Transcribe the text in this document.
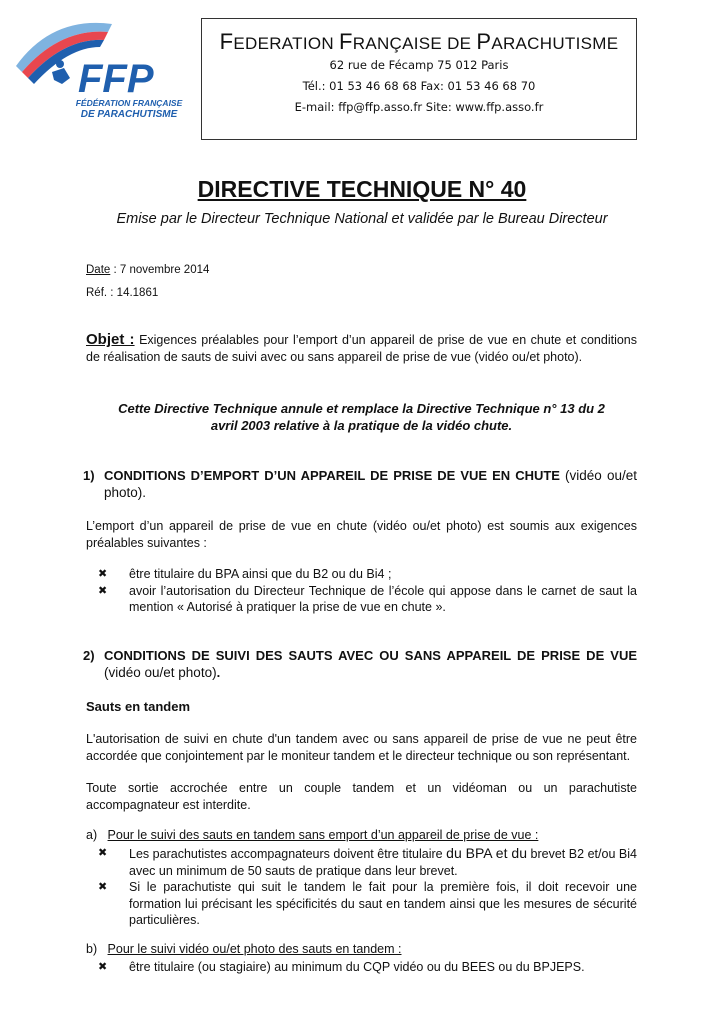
FFP
FÉDÉRATION FRANÇAISE
DE PARACHUTISME
FEDERATION FRANÇAISE DE PARACHUTISME
62 rue de Fécamp 75 012 Paris
Tél.: 01 53 46 68 68 Fax: 01 53 46 68 70
E-mail: ffp@ffp.asso.fr Site: www.ffp.asso.fr
DIRECTIVE TECHNIQUE N° 40
Emise par le Directeur Technique National et validée par le Bureau Directeur
Date : 7 novembre 2014
Réf. : 14.1861

Objet : Exigences préalables pour l’emport d’un appareil de prise de vue en chute et conditions de réalisation de sauts de suivi avec ou sans appareil de prise de vue (vidéo ou/et photo).

Cette Directive Technique annule et remplace la Directive Technique n° 13 du 2
avril 2003 relative à la pratique de la vidéo chute.
1) CONDITIONS D’EMPORT D’UN APPAREIL DE PRISE DE VUE EN CHUTE (vidéo ou/et photo).

L’emport d’un appareil de prise de vue en chute (vidéo ou/et photo) est soumis aux exigences préalables suivantes :

✖ être titulaire du BPA ainsi que du B2 ou du Bi4 ;
✖ avoir l’autorisation du Directeur Technique de l’école qui appose dans le carnet de saut la mention « Autorisé à pratiquer la prise de vue en chute ».
2) CONDITIONS DE SUIVI DES SAUTS AVEC OU SANS APPAREIL DE PRISE DE VUE (vidéo ou/et photo).
Sauts en tandem

L'autorisation de suivi en chute d'un tandem avec ou sans appareil de prise de vue ne peut être accordée que conjointement par le moniteur tandem et le directeur technique ou son représentant.

Toute sortie accrochée entre un couple tandem et un vidéoman ou un parachutiste accompagnateur est interdite.

a) Pour le suivi des sauts en tandem sans emport d’un appareil de prise de vue :
✖ Les parachutistes accompagnateurs doivent être titulaire du BPA et du brevet B2 et/ou Bi4 avec un minimum de 50 sauts de pratique dans leur brevet.
✖ Si le parachutiste qui suit le tandem le fait pour la première fois, il doit recevoir une formation lui précisant les spécificités du saut en tandem ainsi que les mesures de sécurité particulières.
b) Pour le suivi vidéo ou/et photo des sauts en tandem :
✖ être titulaire (ou stagiaire) au minimum du CQP vidéo ou du BEES ou du BPJEPS.
